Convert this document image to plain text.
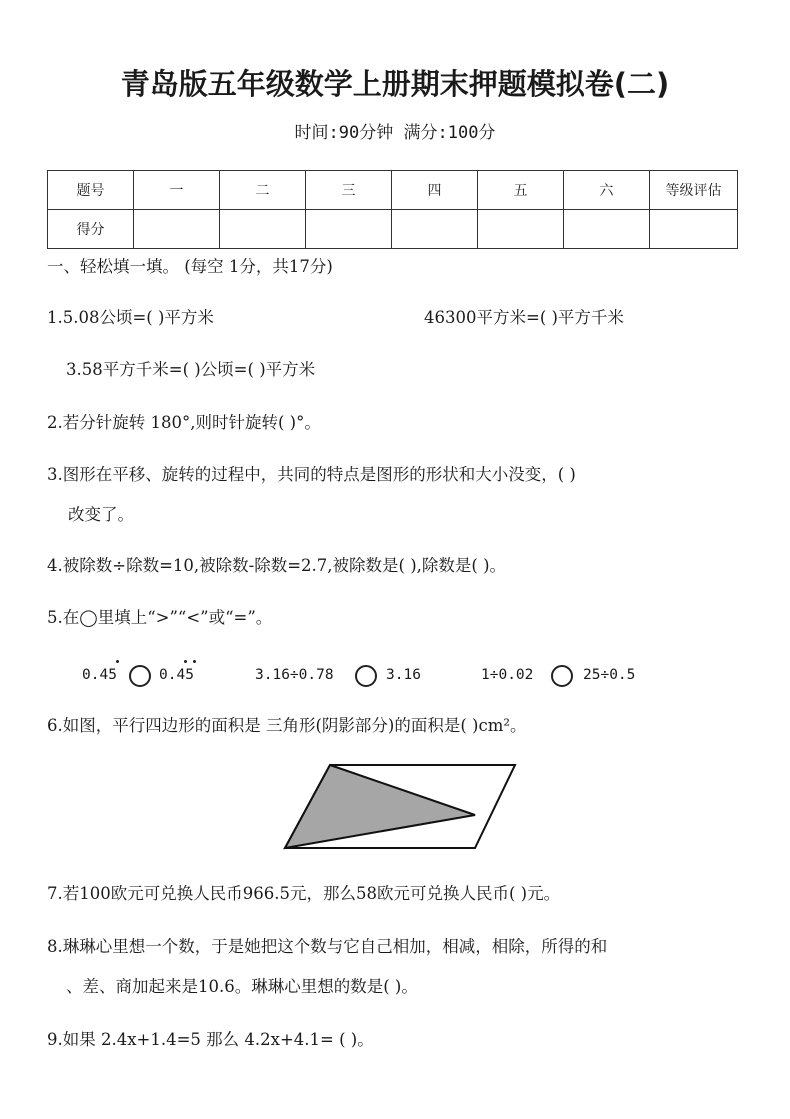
青岛版五年级数学上册期末押题模拟卷(二)
时间:90分钟 满分:100分
题号	一	二	三	四	五	六	等级评估
得分							
一、轻松填一填。 (每空 1分，共17分)
1.5.08公顷=( )平方米	46300平方米=( )平方千米
3.58平方千米=( )公顷=( )平方米
2.若分针旋转 180°,则时针旋转( )°。
3.图形在平移、旋转的过程中，共同的特点是图形的形状和大小没变，( )
改变了。
4.被除数÷除数=10,被除数-除数=2.7,被除数是( ),除数是( )。
5.在◯里填上“>”“<”或“=”。
0.45	0.45	3.16÷0.78	3.16	1÷0.02	25÷0.5
6.如图，平行四边形的面积是 三角形(阴影部分)的面积是( )cm²。
7.若100欧元可兑换人民币966.5元，那么58欧元可兑换人民币( )元。
8.琳琳心里想一个数，于是她把这个数与它自己相加，相减，相除，所得的和
、差、商加起来是10.6。琳琳心里想的数是( )。
9.如果 2.4x+1.4=5 那么 4.2x+4.1= ( )。
